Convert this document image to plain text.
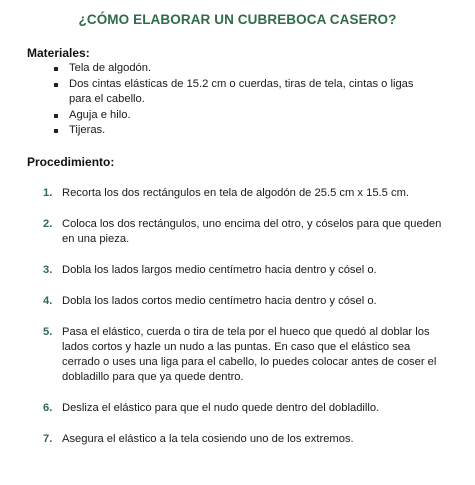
¿CÓMO ELABORAR UN CUBREBOCA CASERO?
Materiales:
Tela de algodón.
Dos cintas elásticas de 15.2 cm o cuerdas, tiras de tela, cintas o ligas para el cabello.
Aguja e hilo.
Tijeras.
Procedimiento:
1. Recorta los dos rectángulos en tela de algodón de 25.5 cm x 15.5 cm.
2. Coloca los dos rectángulos, uno encima del otro, y cóselos para que queden en una pieza.
3. Dobla los lados largos medio centímetro hacia dentro y cósel o.
4. Dobla los lados cortos medio centímetro hacia dentro y cósel o.
5. Pasa el elástico, cuerda o tira de tela por el hueco que quedó al doblar los lados cortos y hazle un nudo a las puntas. En caso que el elástico sea cerrado o uses una liga para el cabello, lo puedes colocar antes de coser el dobladillo para que ya quede dentro.
6. Desliza el elástico para que el nudo quede dentro del dobladillo.
7. Asegura el elástico a la tela cosiendo uno de los extremos.
